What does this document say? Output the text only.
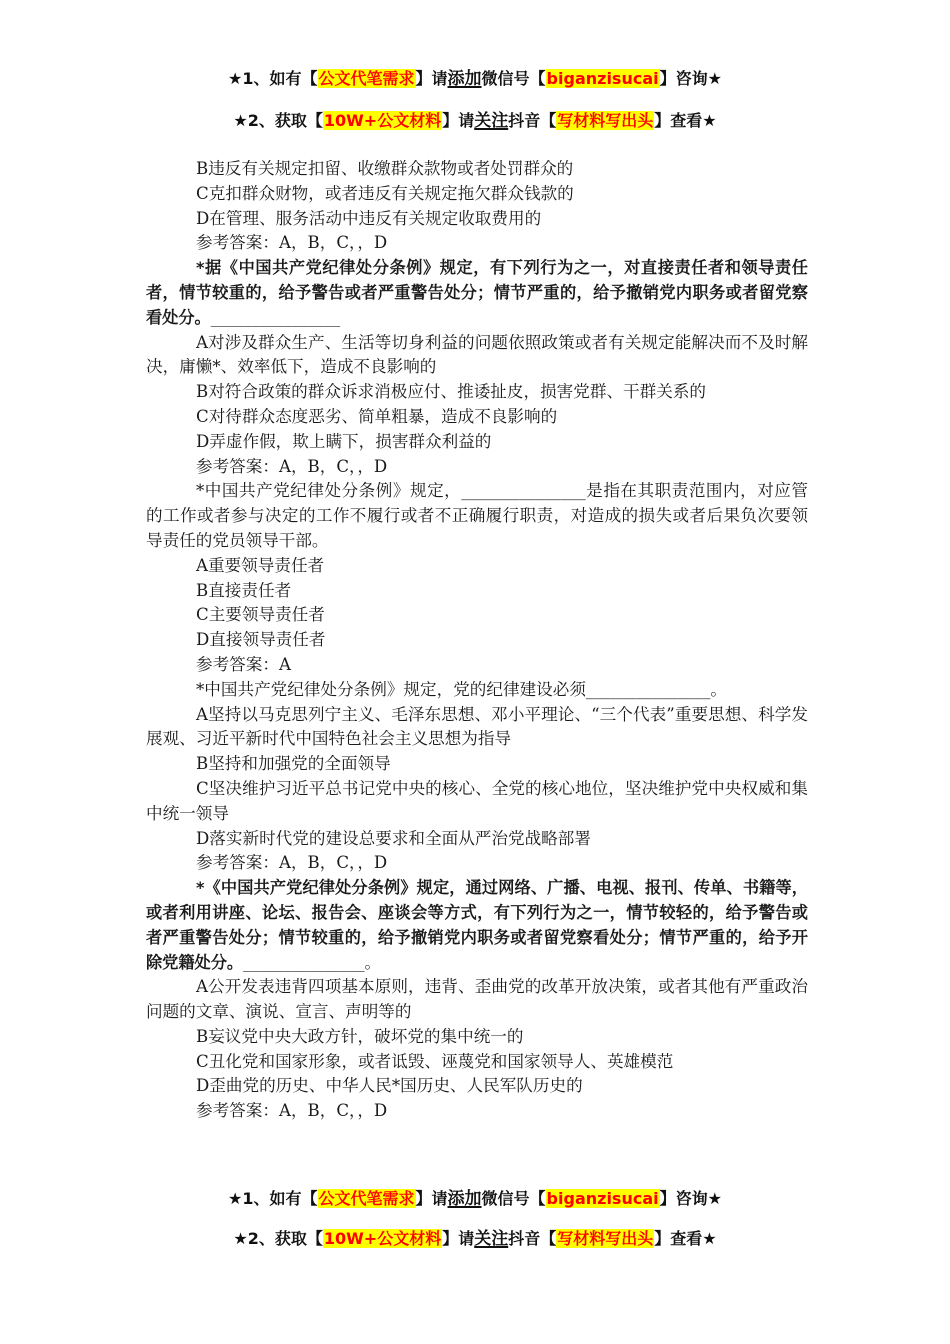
★1、如有【公文代笔需求】请添加微信号【biganzisucai】咨询★
★2、获取【10W+公文材料】请关注抖音【写材料写出头】查看★

B违反有关规定扣留、收缴群众款物或者处罚群众的

C克扣群众财物，或者违反有关规定拖欠群众钱款的

D在管理、服务活动中违反有关规定收取费用的

参考答案：A，B，C，，D

*据《中国共产党纪律处分条例》规定，有下列行为之一，对直接责任者和领导责任者，情节较重的，给予警告或者严重警告处分；情节严重的，给予撤销党内职务或者留党察看处分。________________

A对涉及群众生产、生活等切身利益的问题依照政策或者有关规定能解决而不及时解决，庸懒*、效率低下，造成不良影响的

B对符合政策的群众诉求消极应付、推诿扯皮，损害党群、干群关系的

C对待群众态度恶劣、简单粗暴，造成不良影响的

D弄虚作假，欺上瞒下，损害群众利益的

参考答案：A，B，C，，D

*中国共产党纪律处分条例》规定，_______________是指在其职责范围内，对应管的工作或者参与决定的工作不履行或者不正确履行职责，对造成的损失或者后果负次要领导责任的党员领导干部。

A重要领导责任者

B直接责任者

C主要领导责任者

D直接领导责任者

参考答案：A

*中国共产党纪律处分条例》规定，党的纪律建设必须_______________。

A坚持以马克思列宁主义、毛泽东思想、邓小平理论、“三个代表”重要思想、科学发展观、习近平新时代中国特色社会主义思想为指导

B坚持和加强党的全面领导

C坚决维护习近平总书记党中央的核心、全党的核心地位，坚决维护党中央权威和集中统一领导

D落实新时代党的建设总要求和全面从严治党战略部署

参考答案：A，B，C，，D

*《中国共产党纪律处分条例》规定，通过网络、广播、电视、报刊、传单、书籍等，或者利用讲座、论坛、报告会、座谈会等方式，有下列行为之一，情节较轻的，给予警告或者严重警告处分；情节较重的，给予撤销党内职务或者留党察看处分；情节严重的，给予开除党籍处分。_______________。

A公开发表违背四项基本原则，违背、歪曲党的改革开放决策，或者其他有严重政治问题的文章、演说、宣言、声明等的

B妄议党中央大政方针，破坏党的集中统一的

C丑化党和国家形象，或者诋毁、诬蔑党和国家领导人、英雄模范

D歪曲党的历史、中华人民*国历史、人民军队历史的

参考答案：A，B，C，，D

★1、如有【公文代笔需求】请添加微信号【biganzisucai】咨询★
★2、获取【10W+公文材料】请关注抖音【写材料写出头】查看★
